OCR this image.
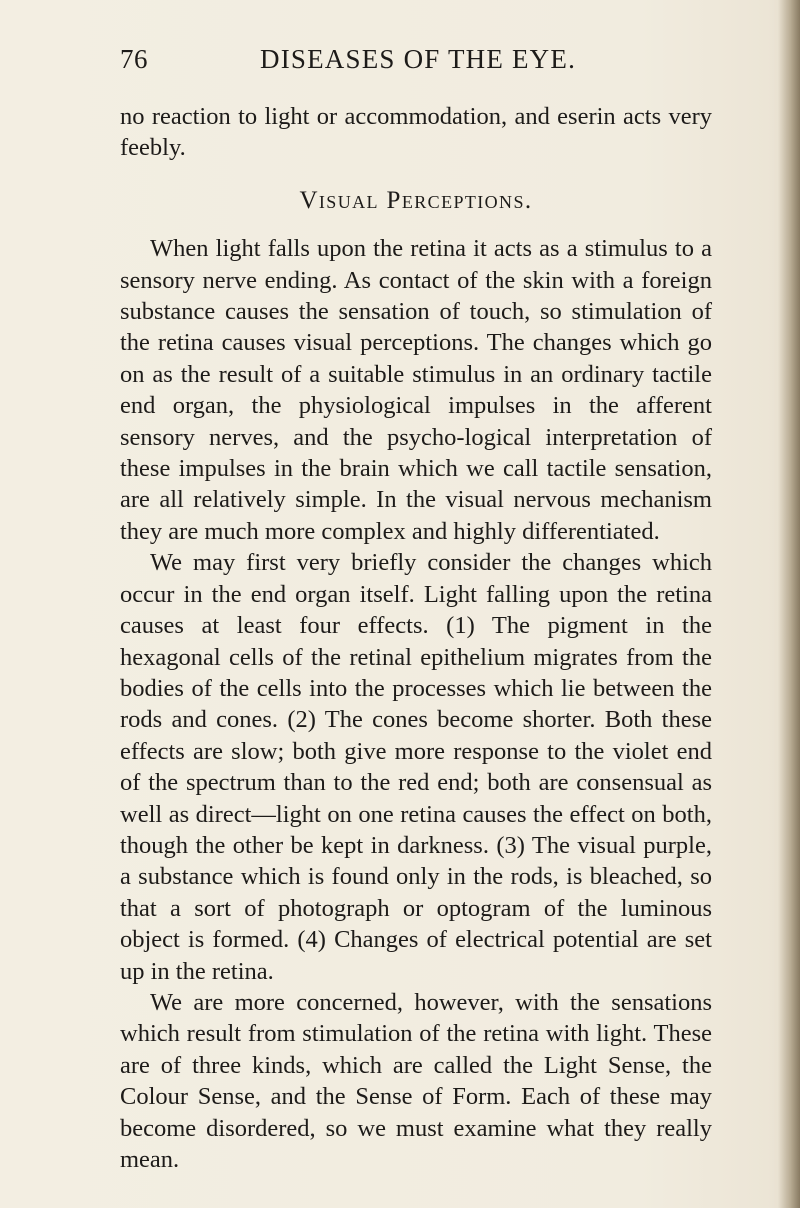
76	DISEASES OF THE EYE.

no reaction to light or accommodation, and eserin acts very feebly.

Visual Perceptions.

When light falls upon the retina it acts as a stimulus to a sensory nerve ending. As contact of the skin with a foreign substance causes the sensation of touch, so stimulation of the retina causes visual perceptions. The changes which go on as the result of a suitable stimulus in an ordinary tactile end organ, the physiological impulses in the afferent sensory nerves, and the psycho-logical interpretation of these impulses in the brain which we call tactile sensation, are all relatively simple. In the visual nervous mechanism they are much more complex and highly differentiated.

We may first very briefly consider the changes which occur in the end organ itself. Light falling upon the retina causes at least four effects. (1) The pigment in the hexagonal cells of the retinal epithelium migrates from the bodies of the cells into the processes which lie between the rods and cones. (2) The cones become shorter. Both these effects are slow; both give more response to the violet end of the spectrum than to the red end; both are consensual as well as direct—light on one retina causes the effect on both, though the other be kept in darkness. (3) The visual purple, a substance which is found only in the rods, is bleached, so that a sort of photograph or optogram of the luminous object is formed. (4) Changes of electrical potential are set up in the retina.

We are more concerned, however, with the sensations which result from stimulation of the retina with light. These are of three kinds, which are called the Light Sense, the Colour Sense, and the Sense of Form. Each of these may become disordered, so we must examine what they really mean.
